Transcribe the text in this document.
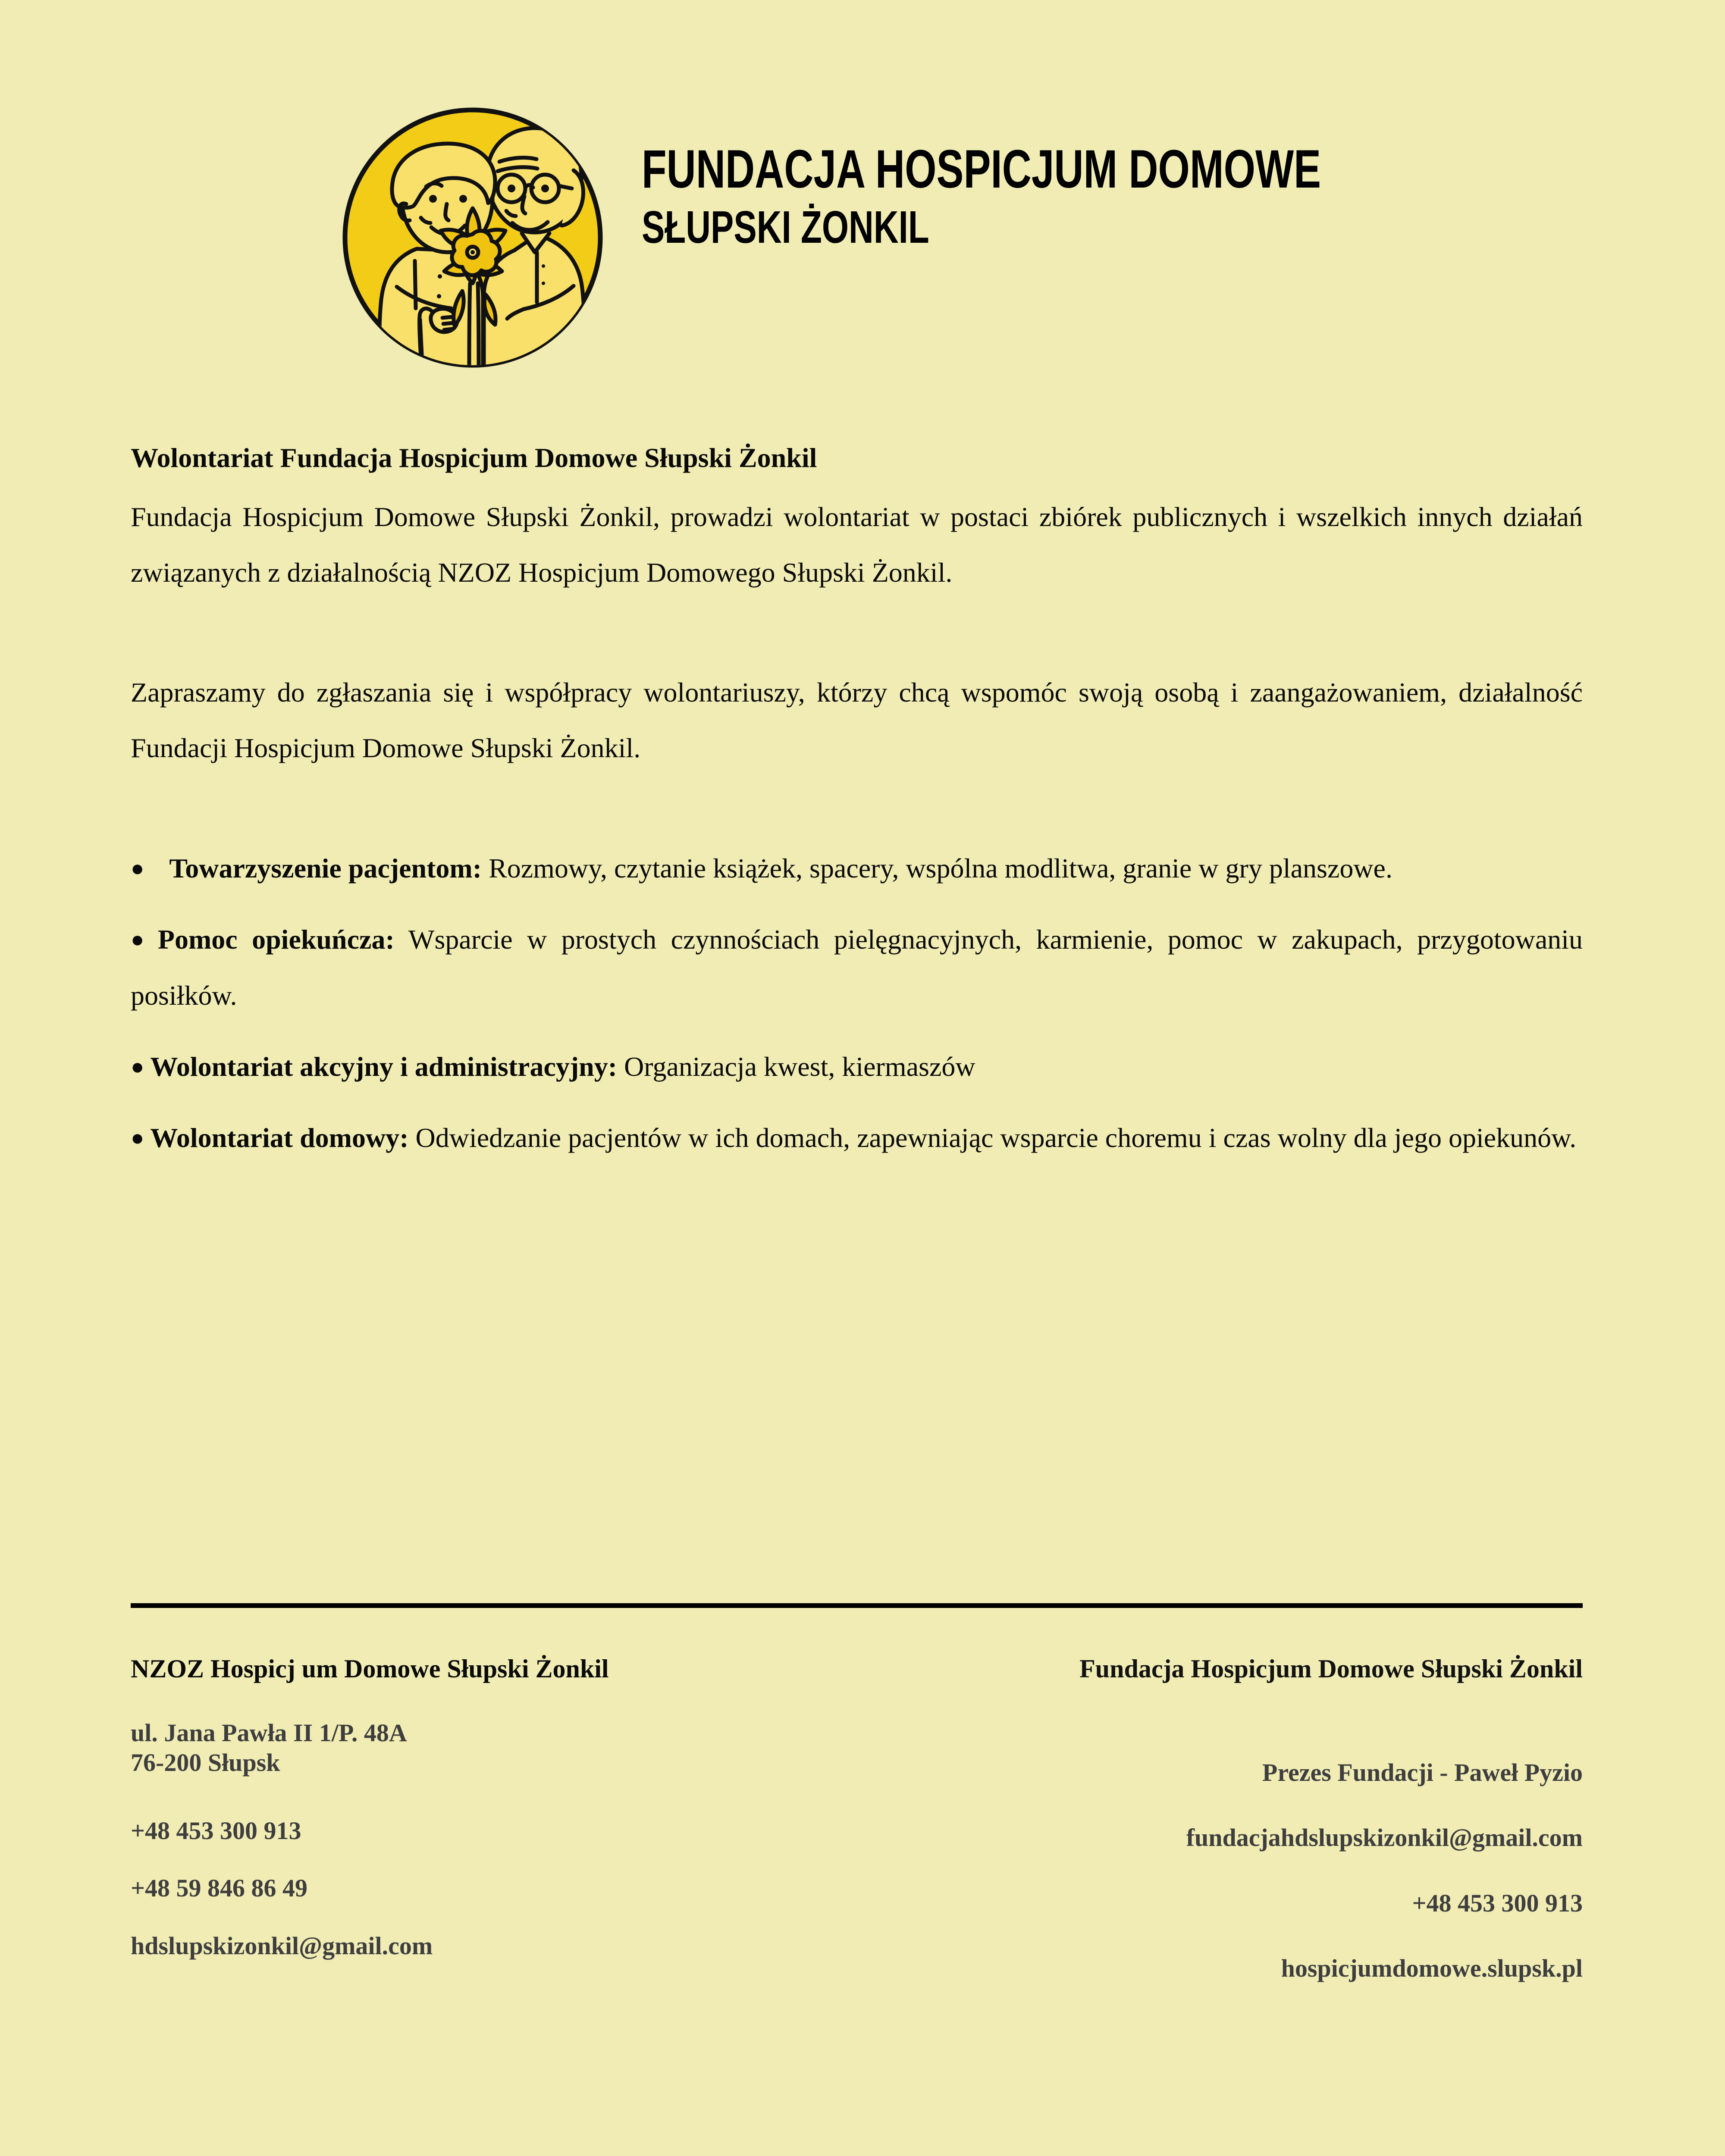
FUNDACJA HOSPICJUM DOMOWE
SŁUPSKI ŻONKIL
Wolontariat Fundacja Hospicjum Domowe Słupski Żonkil

Fundacja Hospicjum Domowe Słupski Żonkil, prowadzi wolontariat w postaci zbiórek publicznych i wszelkich innych działań związanych z działalnością NZOZ Hospicjum Domowego Słupski Żonkil.

Zapraszamy do zgłaszania się i współpracy wolontariuszy, którzy chcą wspomóc swoją osobą i zaangażowaniem, działalność Fundacji Hospicjum Domowe Słupski Żonkil.

● Towarzyszenie pacjentom: Rozmowy, czytanie książek, spacery, wspólna modlitwa, granie w gry planszowe.
● Pomoc opiekuńcza: Wsparcie w prostych czynnościach pielęgnacyjnych, karmienie, pomoc w zakupach, przygotowaniu posiłków.
● Wolontariat akcyjny i administracyjny: Organizacja kwest, kiermaszów
● Wolontariat domowy: Odwiedzanie pacjentów w ich domach, zapewniając wsparcie choremu i czas wolny dla jego opiekunów.
NZOZ Hospicj um Domowe Słupski Żonkil
ul. Jana Pawła II 1/P. 48A
76-200 Słupsk
+48 453 300 913
+48 59 846 86 49
hdslupskizonkil@gmail.com
Fundacja Hospicjum Domowe Słupski Żonkil
Prezes Fundacji - Paweł Pyzio
fundacjahdslupskizonkil@gmail.com
+48 453 300 913
hospicjumdomowe.slupsk.pl
